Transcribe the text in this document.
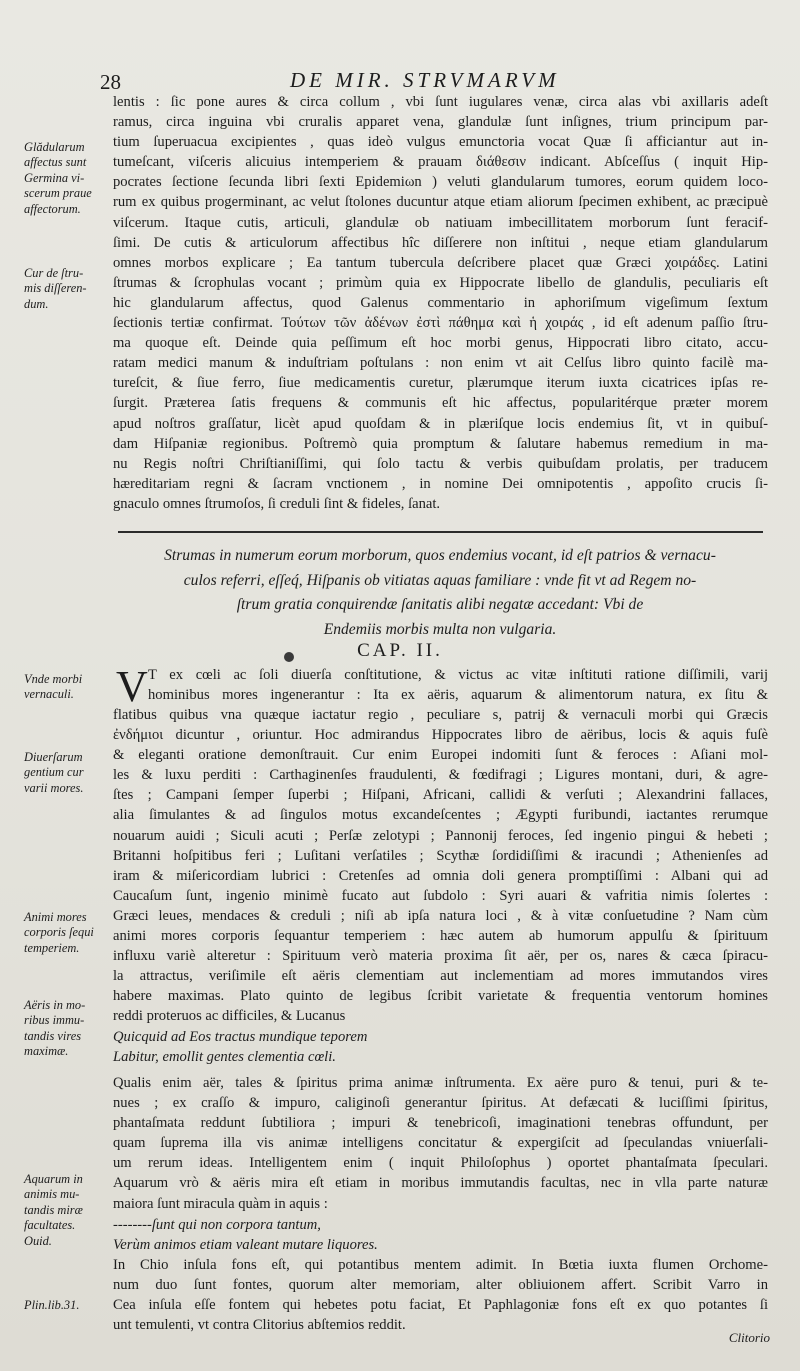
28	DE MIR. STRVMARVM
lentis : ſic pone aures & circa collum , vbi ſunt iugulares venæ, circa alas vbi axillaris adeſt
ramus, circa inguina vbi cruralis apparet vena, glandulæ ſunt inſignes, trium principum par-
tium ſuperuacua excipientes , quas ideò vulgus emunctoria vocat Quæ ſi afficiantur aut in-
tumeſcant, viſceris alicuius intemperiem & prauam διάθεσιν indicant. Abſceſſus ( inquit Hip-
pocrates ſectione ſecunda libri ſexti Epidemiωn ) veluti glandularum tumores, eorum quidem loco-
rum ex quibus progerminant, ac velut ſtolones ducuntur atque etiam aliorum ſpecimen exhibent, ac præcipuè
viſcerum. Itaque cutis, articuli, glandulæ ob natiuam imbecillitatem morborum ſunt feracif-
ſimi. De cutis & articulorum affectibus hîc diſſerere non inſtitui , neque etiam glandularum
omnes morbos explicare ; Ea tantum tubercula deſcribere placet quæ Græci χοιράδες. Latini
ſtrumas & ſcrophulas vocant ; primùm quia ex Hippocrate libello de glandulis, peculiaris eſt
hic glandularum affectus, quod Galenus commentario in aphoriſmum vigeſimum ſextum
ſectionis tertiæ confirmat. Τούτων τῶν ἀδένων ἐστὶ πάθημα καὶ ἡ χοιράς , id eſt adenum paſſio ſtru-
ma quoque eſt. Deinde quia peſſimum eſt hoc morbi genus, Hippocrati libro citato, accu-
ratam medici manum & induſtriam poſtulans : non enim vt ait Celſus libro quinto facilè ma-
tureſcit, & ſiue ferro, ſiue medicamentis curetur, plærumque iterum iuxta cicatrices ipſas re-
ſurgit. Præterea ſatis frequens & communis eſt hic affectus, popularitérque præter morem
apud noſtros graſſatur, licèt apud quoſdam & in plæriſque locis endemius ſit, vt in quibuſ-
dam Hiſpaniæ regionibus. Poſtremò quia promptum & ſalutare habemus remedium in ma-
nu Regis noſtri Chriſtianiſſimi, qui ſolo tactu & verbis quibuſdam prolatis, per traducem
hæreditariam regni & ſacram vnctionem , in nomine Dei omnipotentis , appoſito crucis ſi-
gnaculo omnes ſtrumoſos, ſi creduli ſint & fideles, ſanat.
Glădularum
affectus sunt
Germina vi-
scerum praue
affectorum.
Cur de ſtru-
mis diſſeren-
dum.
Strumas in numerum eorum morborum, quos endemius vocant, id eſt patrios & vernacu-
culos referri, eſſeq́, Hiſpanis ob vitiatas aquas familiare : vnde fit vt ad Regem no-
ſtrum gratia conquirendæ ſanitatis alibi negatæ accedant: Vbi de
Endemiis morbis multa non vulgaria.
CAP. II.
V T ex cœli ac ſoli diuerſa conſtitutione, & victus ac vitæ inſtituti ratione diſſimili, varij
hominibus mores ingenerantur : Ita ex aëris, aquarum & alimentorum natura, ex ſitu &
flatibus quibus vna quæque iactatur regio , peculiare s, patrij & vernaculi morbi qui Græcis
ἐνδήμιοι dicuntur , oriuntur. Hoc admirandus Hippocrates libro de aëribus, locis & aquis fuſè
& eleganti oratione demonſtrauit. Cur enim Europei indomiti ſunt & feroces : Aſiani mol-
les & luxu perditi : Carthaginenſes fraudulenti, & fœdifragi ; Ligures montani, duri, & agre-
ſtes ; Campani ſemper ſuperbi ; Hiſpani, Africani, callidi & verſuti ; Alexandrini fallaces,
alia ſimulantes & ad ſingulos motus excandeſcentes ; Ægypti furibundi, iactantes rerumque
nouarum auidi ; Siculi acuti ; Perſæ zelotypi ; Pannonij feroces, ſed ingenio pingui & hebeti ;
Britanni hoſpitibus feri ; Luſitani verſatiles ; Scythæ ſordidiſſimi & iracundi ; Athenienſes ad
iram & miſericordiam lubrici : Cretenſes ad omnia doli genera promptiſſimi : Albani qui ad
Caucaſum ſunt, ingenio minimè fucato aut ſubdolo : Syri auari & vafritia nimis ſolertes :
Græci leues, mendaces & creduli ; niſi ab ipſa natura loci , & à vitæ conſuetudine ? Nam cùm
animi mores corporis ſequantur temperiem : hæc autem ab humorum appulſu & ſpirituum
influxu variè alteretur : Spirituum verò materia proxima ſit aër, per os, nares & cæca ſpiracu-
la attractus, veriſimile eſt aëris clementiam aut inclementiam ad mores immutandos vires
habere maximas. Plato quinto de legibus ſcribit varietate & frequentia ventorum homines
reddi proteruos ac difficiles, & Lucanus
Vnde morbi
vernaculi.
Diuerſarum
gentium cur
varii mores.
Animi mores
corporis ſequi
temperiem.
Aëris in mo-
ribus immu-
tandis vires
maximæ.
Quicquid ad Eos tractus mundique teporem
Labitur, emollit gentes clementia cœli.
Qualis enim aër, tales & ſpiritus prima animæ inſtrumenta. Ex aëre puro & tenui, puri & te-
nues ; ex craſſo & impuro, caliginoſi generantur ſpiritus. At defæcati & luciſſimi ſpiritus,
phantaſmata reddunt ſubtiliora ; impuri & tenebricoſi, imaginationi tenebras offundunt, per
quam ſuprema illa vis animæ intelligens concitatur & expergiſcit ad ſpeculandas vniuerſali-
um rerum ideas. Intelligentem enim ( inquit Philoſophus ) oportet phantaſmata ſpeculari.
Aquarum vrò & aëris mira eſt etiam in moribus immutandis facultas, nec in vlla parte naturæ
maiora ſunt miracula quàm in aquis :
Aquarum in
animis mu-
tandis miræ
facultates.
Ouid.
--------ſunt qui non corpora tantum,
Verùm animos etiam valeant mutare liquores.
In Chio inſula fons eſt, qui potantibus mentem adimit. In Bœtia iuxta flumen Orchome-
num duo ſunt fontes, quorum alter memoriam, alter obliuionem affert. Scribit Varro in
Cea inſula eſſe fontem qui hebetes potu faciat, Et Paphlagoniæ fons eſt ex quo potantes ſi
unt temulenti, vt contra Clitorius abſtemios reddit.
Plin.lib.31.
Clitorio
